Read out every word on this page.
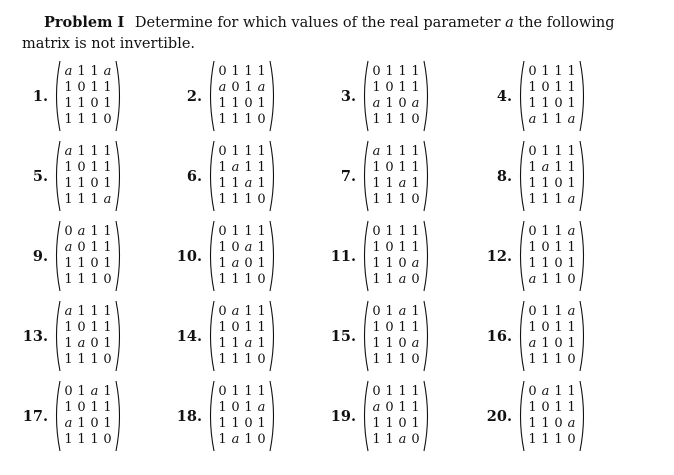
Problem I Determine for which values of the real parameter a the following matrix is not invertible.
1.
a 1 1 a
1 0 1 1
1 1 0 1
1 1 1 0
2.
0 1 1 1
a 0 1 a
1 1 0 1
1 1 1 0
3.
0 1 1 1
1 0 1 1
a 1 0 a
1 1 1 0
4.
0 1 1 1
1 0 1 1
1 1 0 1
a 1 1 a
5.
a 1 1 1
1 0 1 1
1 1 0 1
1 1 1 a
6.
0 1 1 1
1 a 1 1
1 1 a 1
1 1 1 0
7.
a 1 1 1
1 0 1 1
1 1 a 1
1 1 1 0
8.
0 1 1 1
1 a 1 1
1 1 0 1
1 1 1 a
9.
0 a 1 1
a 0 1 1
1 1 0 1
1 1 1 0
10.
0 1 1 1
1 0 a 1
1 a 0 1
1 1 1 0
11.
0 1 1 1
1 0 1 1
1 1 0 a
1 1 a 0
12.
0 1 1 a
1 0 1 1
1 1 0 1
a 1 1 0
13.
a 1 1 1
1 0 1 1
1 a 0 1
1 1 1 0
14.
0 a 1 1
1 0 1 1
1 1 a 1
1 1 1 0
15.
0 1 a 1
1 0 1 1
1 1 0 a
1 1 1 0
16.
0 1 1 a
1 0 1 1
a 1 0 1
1 1 1 0
17.
0 1 a 1
1 0 1 1
a 1 0 1
1 1 1 0
18.
0 1 1 1
1 0 1 a
1 1 0 1
1 a 1 0
19.
0 1 1 1
a 0 1 1
1 1 0 1
1 1 a 0
20.
0 a 1 1
1 0 1 1
1 1 0 a
1 1 1 0
